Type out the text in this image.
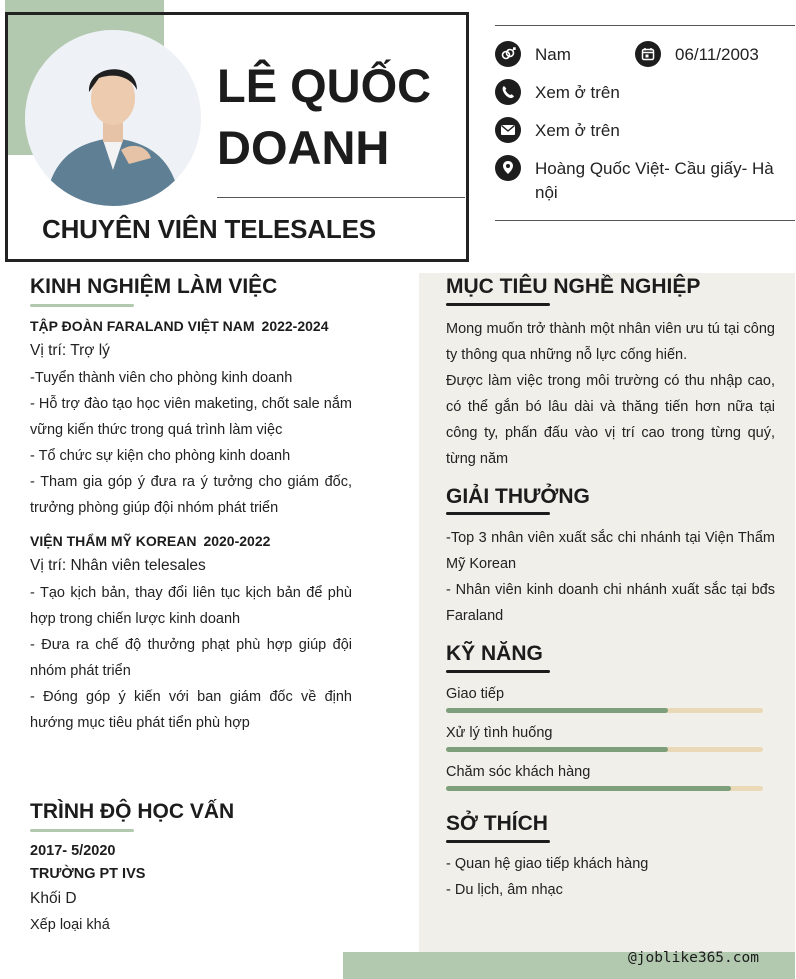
LÊ QUỐC
DOANH
CHUYÊN VIÊN TELESALES
Nam	06/11/2003
Xem ở trên
Xem ở trên
Hoàng Quốc Việt- Cầu giấy- Hà
nội
KINH NGHIỆM LÀM VIỆC
TẬP ĐOÀN FARALAND VIỆT NAM 2022-2024
Vị trí: Trợ lý
-Tuyển thành viên cho phòng kinh doanh
- Hỗ trợ đào tạo học viên maketing, chốt sale nắm vững kiến thức trong quá trình làm việc
- Tổ chức sự kiện cho phòng kinh doanh
- Tham gia góp ý đưa ra ý tưởng cho giám đốc, trưởng phòng giúp đội nhóm phát triển
VIỆN THẨM MỸ KOREAN 2020-2022
Vị trí: Nhân viên telesales
- Tạo kịch bản, thay đổi liên tục kịch bản để phù hợp trong chiến lược kinh doanh
- Đưa ra chế độ thưởng phạt phù hợp giúp đội nhóm phát triển
- Đóng góp ý kiến với ban giám đốc về định hướng mục tiêu phát tiển phù hợp
TRÌNH ĐỘ HỌC VẤN
2017- 5/2020
TRƯỜNG PT IVS
Khối D
Xếp loại khá
MỤC TIÊU NGHỀ NGHIỆP
Mong muốn trở thành một nhân viên ưu tú tại công ty thông qua những nỗ lực cống hiến.
Được làm việc trong môi trường có thu nhập cao, có thể gắn bó lâu dài và thăng tiến hơn nữa tại công ty, phấn đấu vào vị trí cao trong từng quý, từng năm
GIẢI THƯỞNG
-Top 3 nhân viên xuất sắc chi nhánh tại Viện Thẩm Mỹ Korean
- Nhân viên kinh doanh chi nhánh xuất sắc tại bđs Faraland
KỸ NĂNG
Giao tiếp
Xử lý tình huống
Chăm sóc khách hàng
SỞ THÍCH
- Quan hệ giao tiếp khách hàng
- Du lịch, âm nhạc
@joblike365.com
